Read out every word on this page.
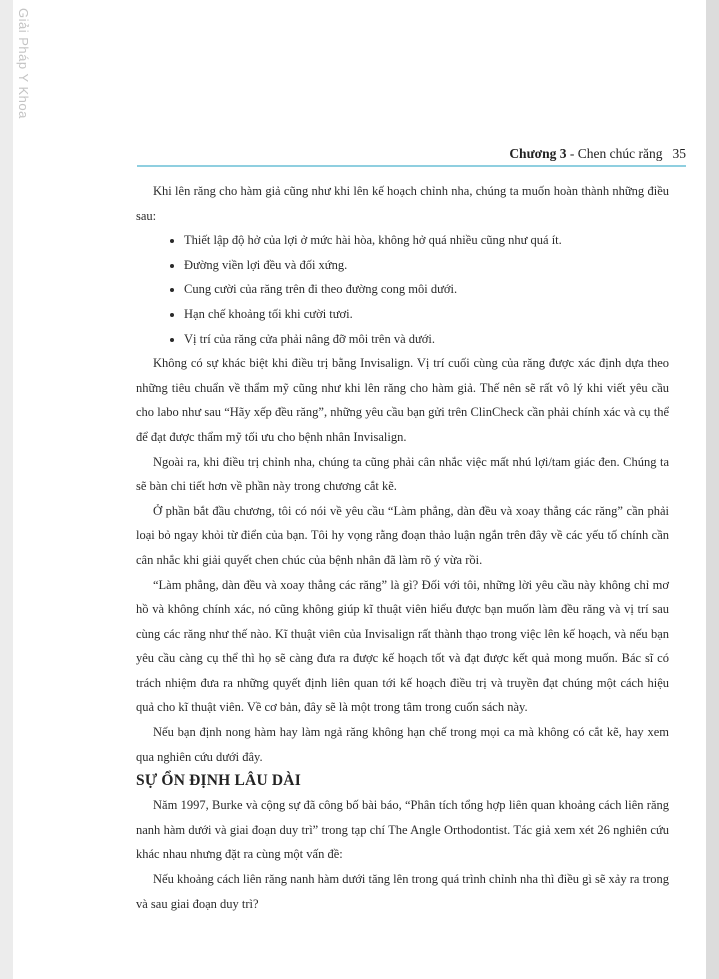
Giải Pháp Y Khoa
Chương 3 - Chen chúc răng 35

Khi lên răng cho hàm giả cũng như khi lên kế hoạch chỉnh nha, chúng ta muốn hoàn thành những điều sau:

• Thiết lập độ hở của lợi ở mức hài hòa, không hở quá nhiều cũng như quá ít.
• Đường viền lợi đều và đối xứng.
• Cung cười của răng trên đi theo đường cong môi dưới.
• Hạn chế khoảng tối khi cười tươi.
• Vị trí của răng cửa phải nâng đỡ môi trên và dưới.

Không có sự khác biệt khi điều trị bằng Invisalign. Vị trí cuối cùng của răng được xác định dựa theo những tiêu chuẩn về thẩm mỹ cũng như khi lên răng cho hàm giả. Thế nên sẽ rất vô lý khi viết yêu cầu cho labo như sau “Hãy xếp đều răng”, những yêu cầu bạn gửi trên ClinCheck cần phải chính xác và cụ thể để đạt được thẩm mỹ tối ưu cho bệnh nhân Invisalign.

Ngoài ra, khi điều trị chỉnh nha, chúng ta cũng phải cân nhắc việc mất nhú lợi/tam giác đen. Chúng ta sẽ bàn chi tiết hơn về phần này trong chương cắt kẽ.

Ở phần bắt đầu chương, tôi có nói về yêu cầu “Làm phẳng, dàn đều và xoay thẳng các răng” cần phải loại bỏ ngay khỏi từ điển của bạn. Tôi hy vọng rằng đoạn thảo luận ngắn trên đây về các yếu tố chính cần cân nhắc khi giải quyết chen chúc của bệnh nhân đã làm rõ ý vừa rồi.

“Làm phẳng, dàn đều và xoay thẳng các răng” là gì? Đối với tôi, những lời yêu cầu này không chỉ mơ hồ và không chính xác, nó cũng không giúp kĩ thuật viên hiểu được bạn muốn làm đều răng và vị trí sau cùng các răng như thế nào. Kĩ thuật viên của Invisalign rất thành thạo trong việc lên kế hoạch, và nếu bạn yêu cầu càng cụ thể thì họ sẽ càng đưa ra được kế hoạch tốt và đạt được kết quả mong muốn. Bác sĩ có trách nhiệm đưa ra những quyết định liên quan tới kế hoạch điều trị và truyền đạt chúng một cách hiệu quả cho kĩ thuật viên. Về cơ bản, đây sẽ là một trong tâm trong cuốn sách này.

Nếu bạn định nong hàm hay làm ngả răng không hạn chế trong mọi ca mà không có cắt kẽ, hay xem qua nghiên cứu dưới đây.

SỰ ỔN ĐỊNH LÂU DÀI

Năm 1997, Burke và cộng sự đã công bố bài báo, “Phân tích tổng hợp liên quan khoảng cách liên răng nanh hàm dưới và giai đoạn duy trì” trong tạp chí The Angle Orthodontist. Tác giả xem xét 26 nghiên cứu khác nhau nhưng đặt ra cùng một vấn đề:

Nếu khoảng cách liên răng nanh hàm dưới tăng lên trong quá trình chỉnh nha thì điều gì sẽ xảy ra trong và sau giai đoạn duy trì?
